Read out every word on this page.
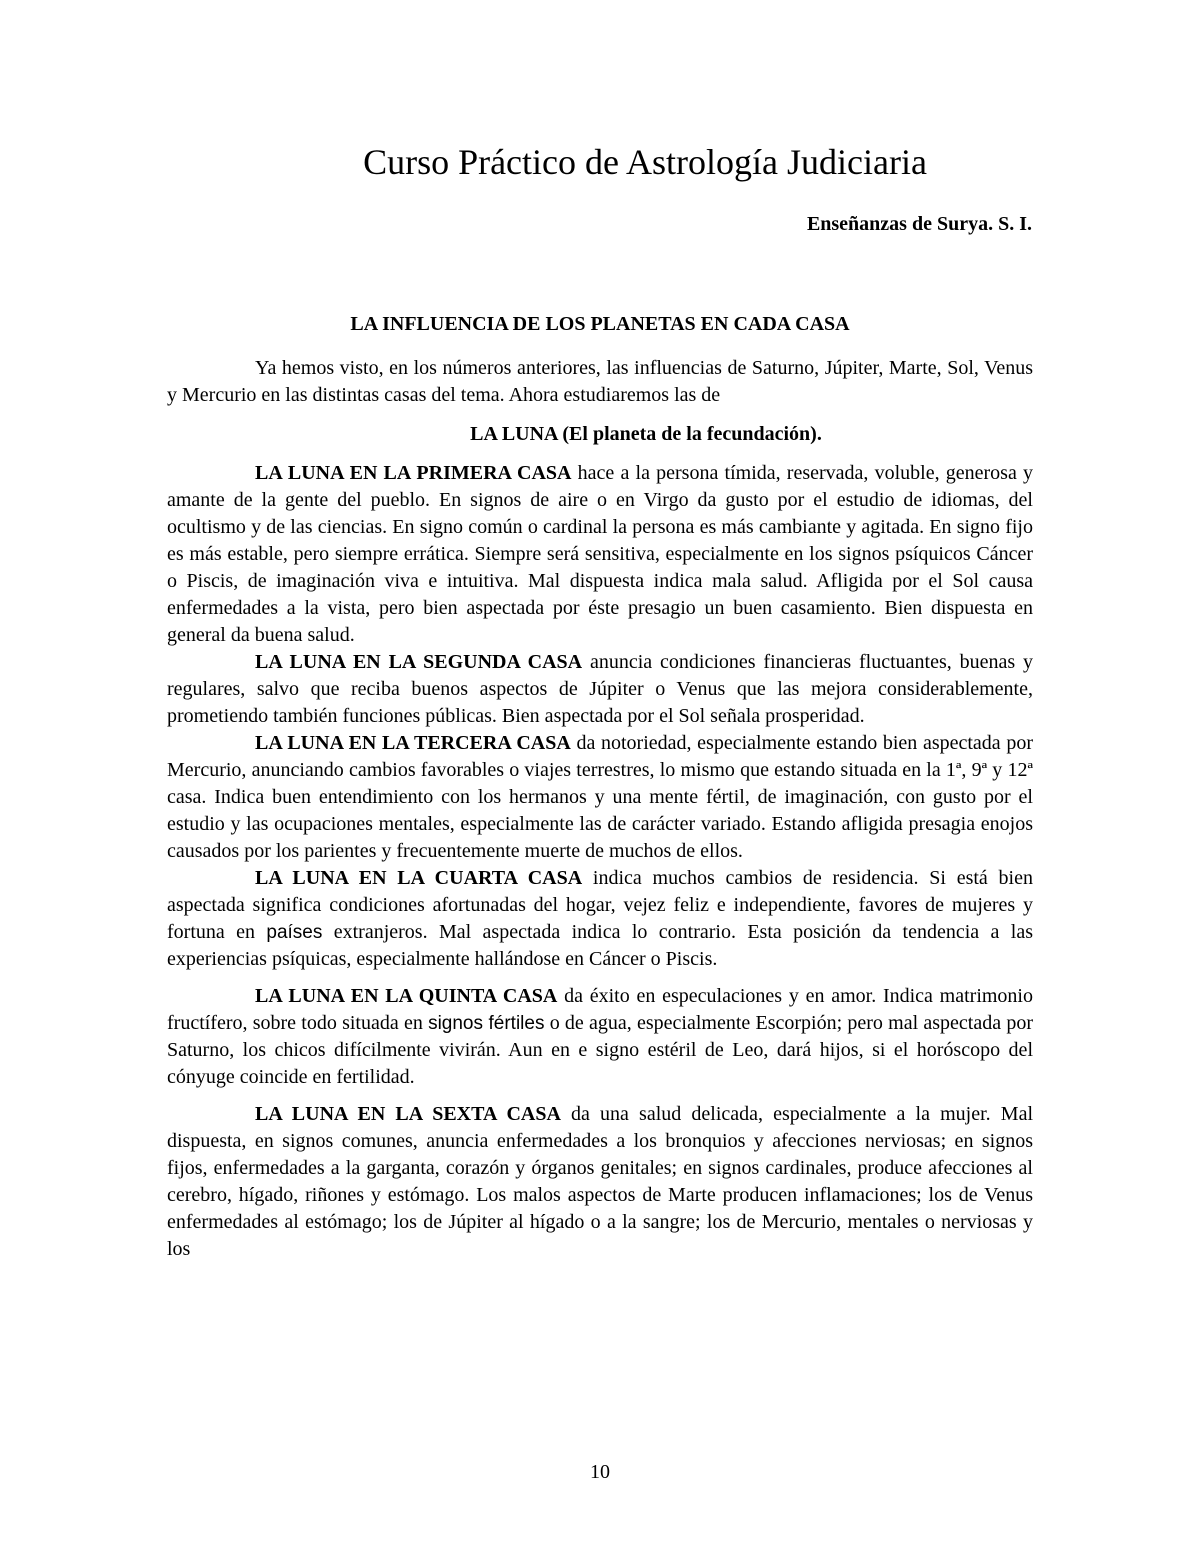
Curso Práctico de Astrología Judiciaria
Enseñanzas de Surya. S. I.
LA INFLUENCIA DE LOS PLANETAS EN CADA CASA

Ya hemos visto, en los números anteriores, las influencias de Saturno, Júpiter, Marte, Sol, Venus y Mercurio en las distintas casas del tema. Ahora estudiaremos las de

LA LUNA (El planeta de la fecundación).

LA LUNA EN LA PRIMERA CASA hace a la persona tímida, reservada, voluble, generosa y amante de la gente del pueblo. En signos de aire o en Virgo da gusto por el estudio de idiomas, del ocultismo y de las ciencias. En signo común o cardinal la persona es más cambiante y agitada. En signo fijo es más estable, pero siempre errática. Siempre será sensitiva, especialmente en los signos psíquicos Cáncer o Piscis, de imaginación viva e intuitiva. Mal dispuesta indica mala salud. Afligida por el Sol causa enfermedades a la vista, pero bien aspectada por éste presagio un buen casamiento. Bien dispuesta en general da buena salud.

LA LUNA EN LA SEGUNDA CASA anuncia condiciones financieras fluctuantes, buenas y regulares, salvo que reciba buenos aspectos de Júpiter o Venus que las mejora considerablemente, prometiendo también funciones públicas. Bien aspectada por el Sol señala prosperidad.

LA LUNA EN LA TERCERA CASA da notoriedad, especialmente estando bien aspectada por Mercurio, anunciando cambios favorables o viajes terrestres, lo mismo que estando situada en la 1ª, 9ª y 12ª casa. Indica buen entendimiento con los hermanos y una mente fértil, de imaginación, con gusto por el estudio y las ocupaciones mentales, especialmente las de carácter variado. Estando afligida presagia enojos causados por los parientes y frecuentemente muerte de muchos de ellos.

LA LUNA EN LA CUARTA CASA indica muchos cambios de residencia. Si está bien aspectada significa condiciones afortunadas del hogar, vejez feliz e independiente, favores de mujeres y fortuna en países extranjeros. Mal aspectada indica lo contrario. Esta posición da tendencia a las experiencias psíquicas, especialmente hallándose en Cáncer o Piscis.

LA LUNA EN LA QUINTA CASA da éxito en especulaciones y en amor. Indica matrimonio fructífero, sobre todo situada en signos fértiles o de agua, especialmente Escorpión; pero mal aspectada por Saturno, los chicos difícilmente vivirán. Aun en e signo estéril de Leo, dará hijos, si el horóscopo del cónyuge coincide en fertilidad.

LA LUNA EN LA SEXTA CASA da una salud delicada, especialmente a la mujer. Mal dispuesta, en signos comunes, anuncia enfermedades a los bronquios y afecciones nerviosas; en signos fijos, enfermedades a la garganta, corazón y órganos genitales; en signos cardinales, produce afecciones al cerebro, hígado, riñones y estómago. Los malos aspectos de Marte producen inflamaciones; los de Venus enfermedades al estómago; los de Júpiter al hígado o a la sangre; los de Mercurio, mentales o nerviosas y los

10
